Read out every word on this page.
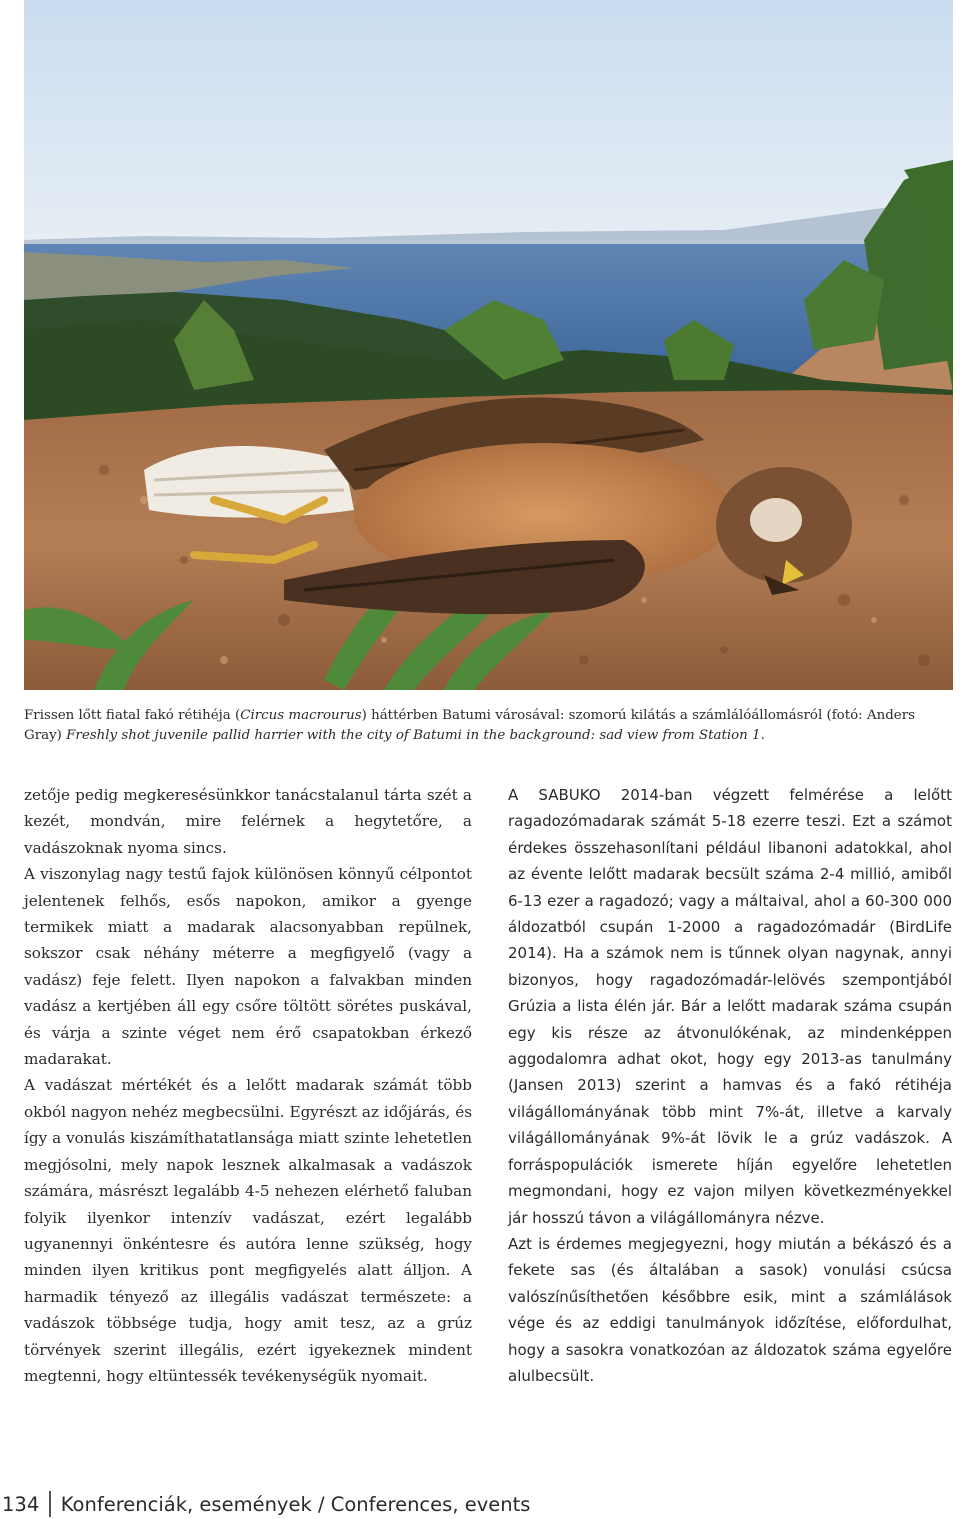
Frissen lőtt fiatal fakó rétihéja (Circus macrourus) háttérben Batumi városával: szomorú kilátás a számlálóállomásról (fotó: Anders Gray) Freshly shot juvenile pallid harrier with the city of Batumi in the background: sad view from Station 1.

zetője pedig megkeresésünkkor tanácstalanul tárta szét a kezét, mondván, mire felérnek a hegytetőre, a vadászoknak nyoma sincs.

A viszonylag nagy testű fajok különösen könnyű célpontot jelentenek felhős, esős napokon, amikor a gyenge termikek miatt a madarak alacsonyabban repülnek, sokszor csak néhány méterre a megfigyelő (vagy a vadász) feje felett. Ilyen napokon a falvakban minden vadász a kertjében áll egy csőre töltött sörétes puskával, és várja a szinte véget nem érő csapatokban érkező madarakat.

A vadászat mértékét és a lelőtt madarak számát több okból nagyon nehéz megbecsülni. Egyrészt az időjárás, és így a vonulás kiszámíthatatlansága miatt szinte lehetetlen megjósolni, mely napok lesznek alkalmasak a vadászok számára, másrészt legalább 4-5 nehezen elérhető faluban folyik ilyenkor intenzív vadászat, ezért legalább ugyanennyi önkéntesre és autóra lenne szükség, hogy minden ilyen kritikus pont megfigyelés alatt álljon. A harmadik tényező az illegális vadászat természete: a vadászok többsége tudja, hogy amit tesz, az a grúz törvények szerint illegális, ezért igyekeznek mindent megtenni, hogy eltüntessék tevékenységük nyomait.

A SABUKO 2014-ban végzett felmérése a lelőtt ragadozómadarak számát 5-18 ezerre teszi. Ezt a számot érdekes összehasonlítani például libanoni adatokkal, ahol az évente lelőtt madarak becsült száma 2-4 millió, amiből 6-13 ezer a ragadozó; vagy a máltaival, ahol a 60-300 000 áldozatból csupán 1-2000 a ragadozómadár (BirdLife 2014). Ha a számok nem is tűnnek olyan nagynak, annyi bizonyos, hogy ragadozómadár-lelövés szempontjából Grúzia a lista élén jár. Bár a lelőtt madarak száma csupán egy kis része az átvonulókénak, az mindenképpen aggodalomra adhat okot, hogy egy 2013-as tanulmány (Jansen 2013) szerint a hamvas és a fakó rétihéja világállományának több mint 7%-át, illetve a karvaly világállományának 9%-át lövik le a grúz vadászok. A forráspopulációk ismerete híján egyelőre lehetetlen megmondani, hogy ez vajon milyen következményekkel jár hosszú távon a világállományra nézve.

Azt is érdemes megjegyezni, hogy miután a békászó és a fekete sas (és általában a sasok) vonulási csúcsa valószínűsíthetően későbbre esik, mint a számlálások vége és az eddigi tanulmányok időzítése, előfordulhat, hogy a sasokra vonatkozóan az áldozatok száma egyelőre alulbecsült.

134 Konferenciák, események / Conferences, events
